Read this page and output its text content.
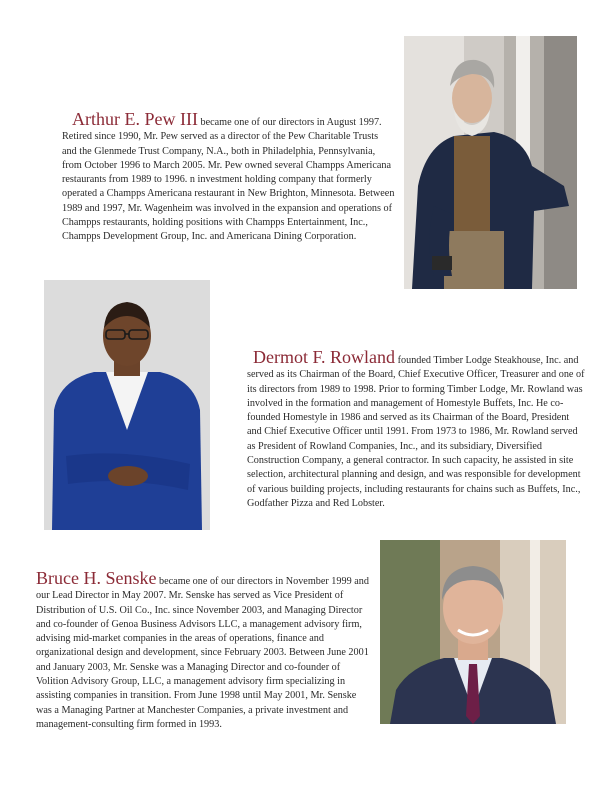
Arthur E. Pew III became one of our directors in August 1997. Retired since 1990, Mr. Pew served as a director of the Pew Charitable Trusts and the Glenmede Trust Company, N.A., both in Philadelphia, Pennsylvania, from October 1996 to March 2005. Mr. Pew owned several Champps Americana restaurants from 1989 to 1996. n investment holding company that formerly operated a Champps Americana restaurant in New Brighton, Minnesota. Between 1989 and 1997, Mr. Wagenheim was involved in the expansion and operations of Champps restaurants, holding positions with Champps Entertainment, Inc., Champps Development Group, Inc. and Americana Dining Corporation.

Dermot F. Rowland founded Timber Lodge Steakhouse, Inc. and served as its Chairman of the Board, Chief Executive Officer, Treasurer and one of its directors from 1989 to 1998. Prior to forming Timber Lodge, Mr. Rowland was involved in the formation and management of Homestyle Buffets, Inc. He co-founded Homestyle in 1986 and served as its Chairman of the Board, President and Chief Executive Officer until 1991. From 1973 to 1986, Mr. Rowland served as President of Rowland Companies, Inc., and its subsidiary, Diversified Construction Company, a general contractor. In such capacity, he assisted in site selection, architectural planning and design, and was responsible for development of various building projects, including restaurants for chains such as Buffets, Inc., Godfather Pizza and Red Lobster.

Bruce H. Senske became one of our directors in November 1999 and our Lead Director in May 2007. Mr. Senske has served as Vice President of Distribution of U.S. Oil Co., Inc. since November 2003, and Managing Director and co-founder of Genoa Business Advisors LLC, a management advisory firm, advising mid-market companies in the areas of operations, finance and organizational design and development, since February 2003. Between June 2001 and January 2003, Mr. Senske was a Managing Director and co-founder of Volition Advisory Group, LLC, a management advisory firm specializing in assisting companies in transition. From June 1998 until May 2001, Mr. Senske was a Managing Partner at Manchester Companies, a private investment and management-consulting firm formed in 1993.
